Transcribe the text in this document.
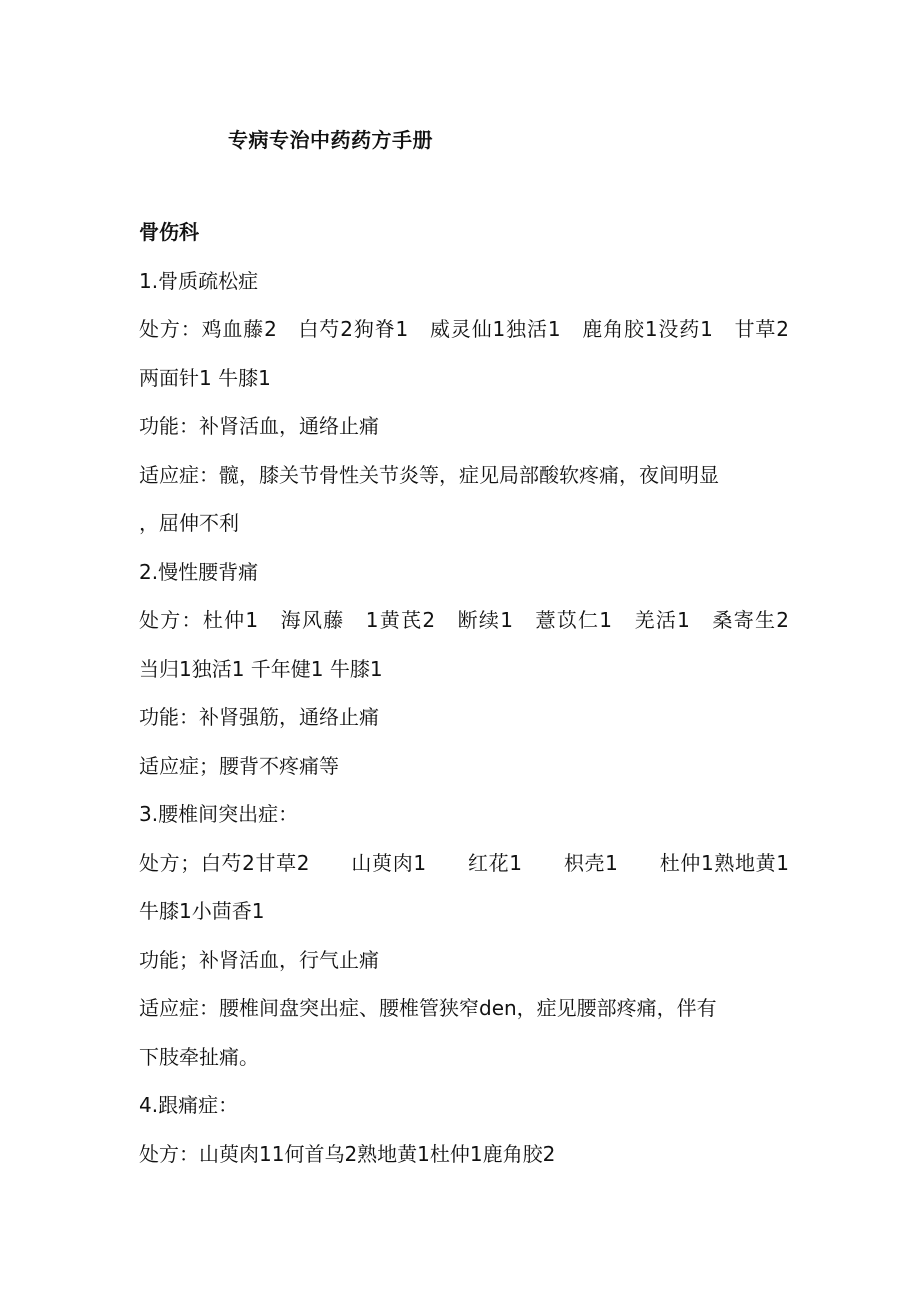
专病专治中药药方手册
骨伤科
1.骨质疏松症
处方：鸡血藤2　白芍2狗脊1　威灵仙1独活1　鹿角胶1没药1　甘草2
两面针1 牛膝1
功能：补肾活血，通络止痛
适应症：髋，膝关节骨性关节炎等，症见局部酸软疼痛，夜间明显
，屈伸不利
2.慢性腰背痛
处方：杜仲1　海风藤　1黄芪2　断续1　薏苡仁1　羌活1　桑寄生2
当归1独活1 千年健1 牛膝1
功能：补肾强筋，通络止痛
适应症；腰背不疼痛等
3.腰椎间突出症：
处方；白芍2甘草2　　山萸肉1　　红花1　　枳壳1　　杜仲1熟地黄1
牛膝1小茴香1
功能；补肾活血，行气止痛
适应症：腰椎间盘突出症、腰椎管狭窄den，症见腰部疼痛，伴有
下肢牵扯痛。
4.跟痛症：
处方：山萸肉11何首乌2熟地黄1杜仲1鹿角胶2
